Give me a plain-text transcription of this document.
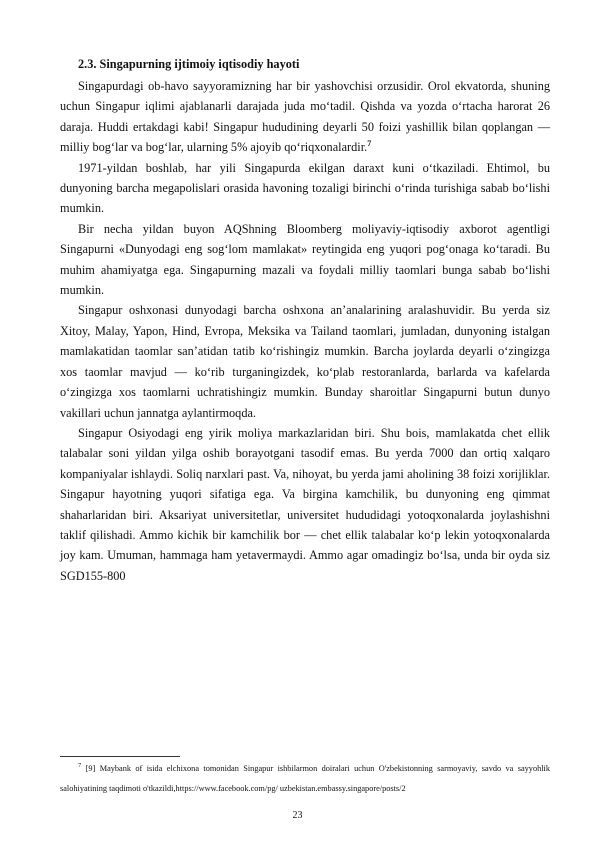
2.3. Singapurning ijtimoiy iqtisodiy hayoti

Singapurdagi ob-havo sayyoramizning har bir yashovchisi orzusidir. Orol ekvatorda, shuning uchun Singapur iqlimi ajablanarli darajada juda mo‘tadil. Qishda va yozda o‘rtacha harorat 26 daraja. Huddi ertakdagi kabi! Singapur hududining deyarli 50 foizi yashillik bilan qoplangan — milliy bog‘lar va bog‘lar, ularning 5% ajoyib qo‘riqxonalardir.$^7$

1971-yildan boshlab, har yili Singapurda ekilgan daraxt kuni o‘tkaziladi. Ehtimol, bu dunyoning barcha megapolislari orasida havoning tozaligi birinchi o‘rinda turishiga sabab bo‘lishi mumkin.

Bir necha yildan buyon AQShning Bloomberg moliyaviy-iqtisodiy axborot agentligi Singapurni «Dunyodagi eng sog‘lom mamlakat» reytingida eng yuqori pog‘onaga ko‘taradi. Bu muhim ahamiyatga ega. Singapurning mazali va foydali milliy taomlari bunga sabab bo‘lishi mumkin.

Singapur oshxonasi dunyodagi barcha oshxona an’analarining aralashuvidir. Bu yerda siz Xitoy, Malay, Yapon, Hind, Evropa, Meksika va Tailand taomlari, jumladan, dunyoning istalgan mamlakatidan taomlar san’atidan tatib ko‘rishingiz mumkin. Barcha joylarda deyarli o‘zingizga xos taomlar mavjud — ko‘rib turganingizdek, ko‘plab restoranlarda, barlarda va kafelarda o‘zingizga xos taomlarni uchratishingiz mumkin. Bunday sharoitlar Singapurni butun dunyo vakillari uchun jannatga aylantirmoqda.

Singapur Osiyodagi eng yirik moliya markazlaridan biri. Shu bois, mamlakatda chet ellik talabalar soni yildan yilga oshib borayotgani tasodif emas. Bu yerda 7000 dan ortiq xalqaro kompaniyalar ishlaydi. Soliq narxlari past. Va, nihoyat, bu yerda jami aholining 38 foizi xorijliklar. Singapur hayotning yuqori sifatiga ega. Va birgina kamchilik, bu dunyoning eng qimmat shaharlaridan biri. Aksariyat universitetlar, universitet hududidagi yotoqxonalarda joylashishni taklif qilishadi. Ammo kichik bir kamchilik bor — chet ellik talabalar ko‘p lekin yotoqxonalarda joy kam. Umuman, hammaga ham yetavermaydi. Ammo agar omadingiz bo‘lsa, unda bir oyda siz SGD155-800

$^7$ [9] Maybank of isida elchixona tomonidan Singapur ishbilarmon doiralari uchun O'zbekistonning sarmoyaviy, savdo va sayyohlik salohiyatining taqdimoti o'tkazildi,https://www.facebook.com/pg/ uzbekistan.embassy.singapore/posts/2
23
